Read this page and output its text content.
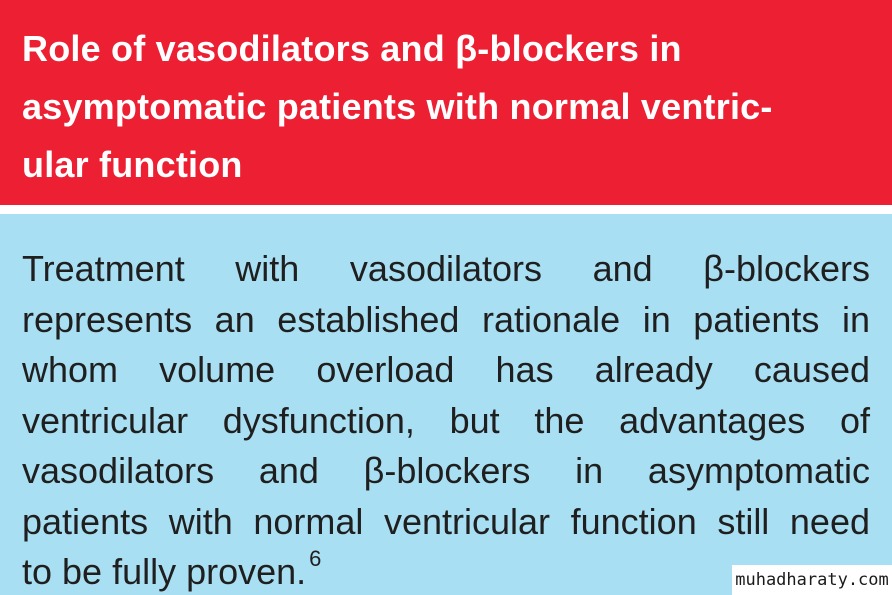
Role of vasodilators and β-blockers in
asymptomatic patients with normal ventric-
ular function

Treatment with vasodilators and β-blockers
represents an established rationale in patients in
whom volume overload has already caused
ventricular dysfunction, but the advantages of
vasodilators and β-blockers in asymptomatic
patients with normal ventricular function still need
to be fully proven. $^6$

muhadharaty.com
